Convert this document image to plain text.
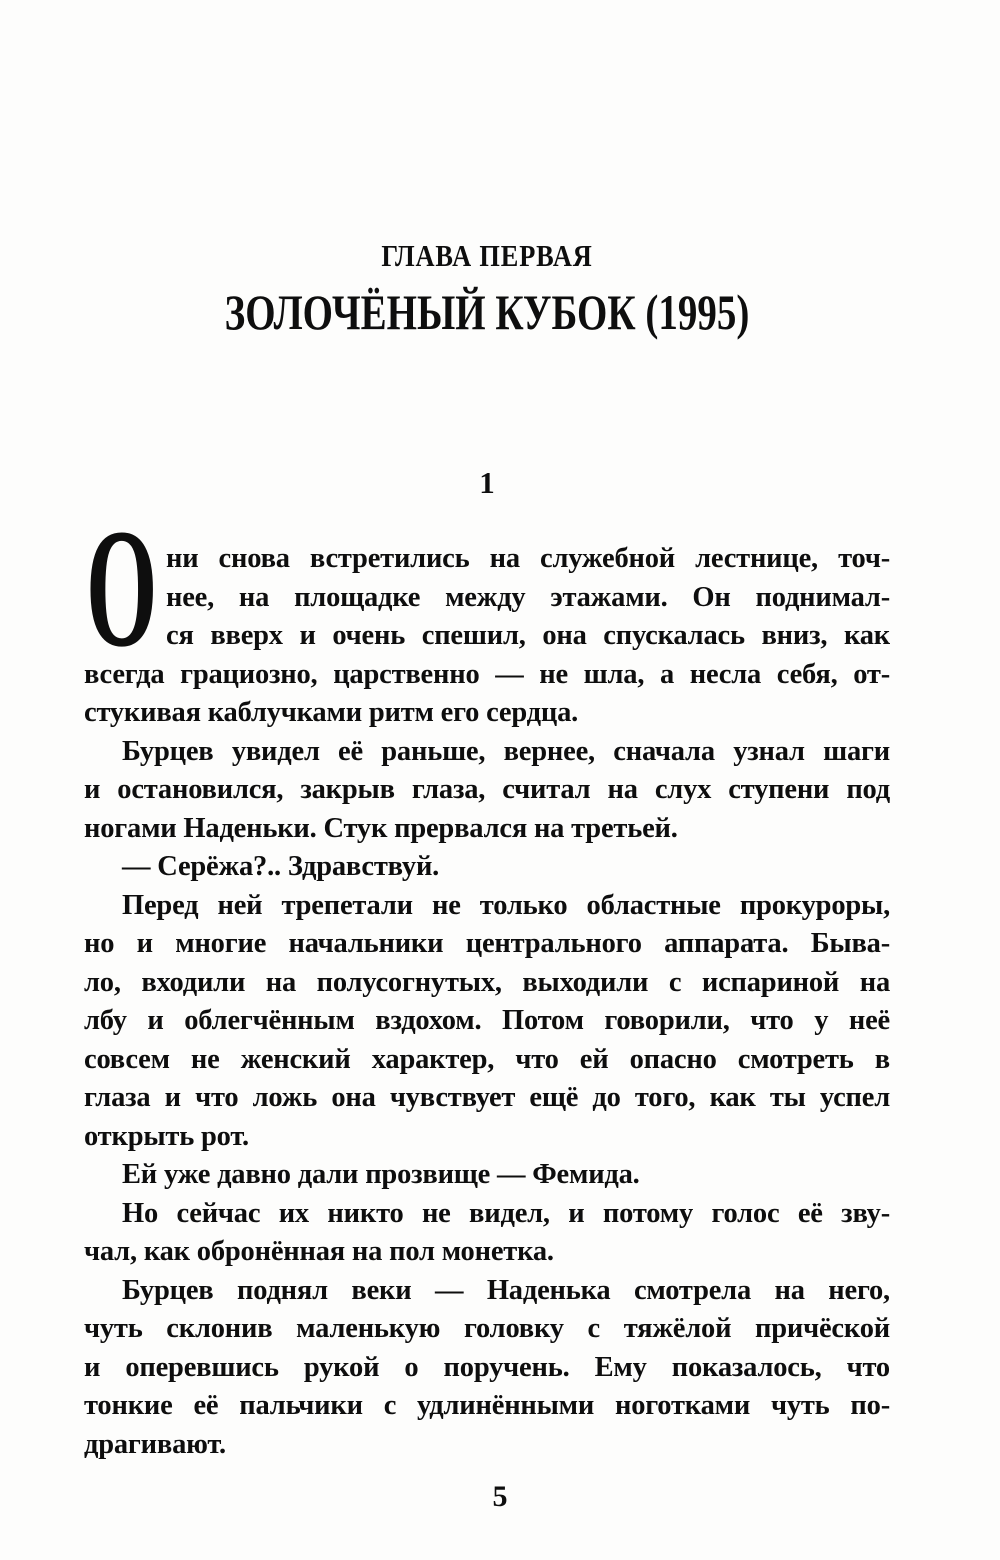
ГЛАВА ПЕРВАЯ
ЗОЛОЧЁНЫЙ КУБОК (1995)
1
О ни снова встретились на служебной лестнице, точ-
нее, на площадке между этажами. Он поднимал-
ся вверх и очень спешил, она спускалась вниз, как
всегда грациозно, царственно — не шла, а несла себя, от-
стукивая каблучками ритм его сердца.
Бурцев увидел её раньше, вернее, сначала узнал шаги
и остановился, закрыв глаза, считал на слух ступени под
ногами Наденьки. Стук прервался на третьей.
— Серёжа?.. Здравствуй.
Перед ней трепетали не только областные прокуроры,
но и многие начальники центрального аппарата. Быва-
ло, входили на полусогнутых, выходили с испариной на
лбу и облегчённым вздохом. Потом говорили, что у неё
совсем не женский характер, что ей опасно смотреть в
глаза и что ложь она чувствует ещё до того, как ты успел
открыть рот.
Ей уже давно дали прозвище — Фемида.
Но сейчас их никто не видел, и потому голос её зву-
чал, как обронённая на пол монетка.
Бурцев поднял веки — Наденька смотрела на него,
чуть склонив маленькую головку с тяжёлой причёской
и оперевшись рукой о поручень. Ему показалось, что
тонкие её пальчики с удлинёнными ноготками чуть по-
драгивают.
5
